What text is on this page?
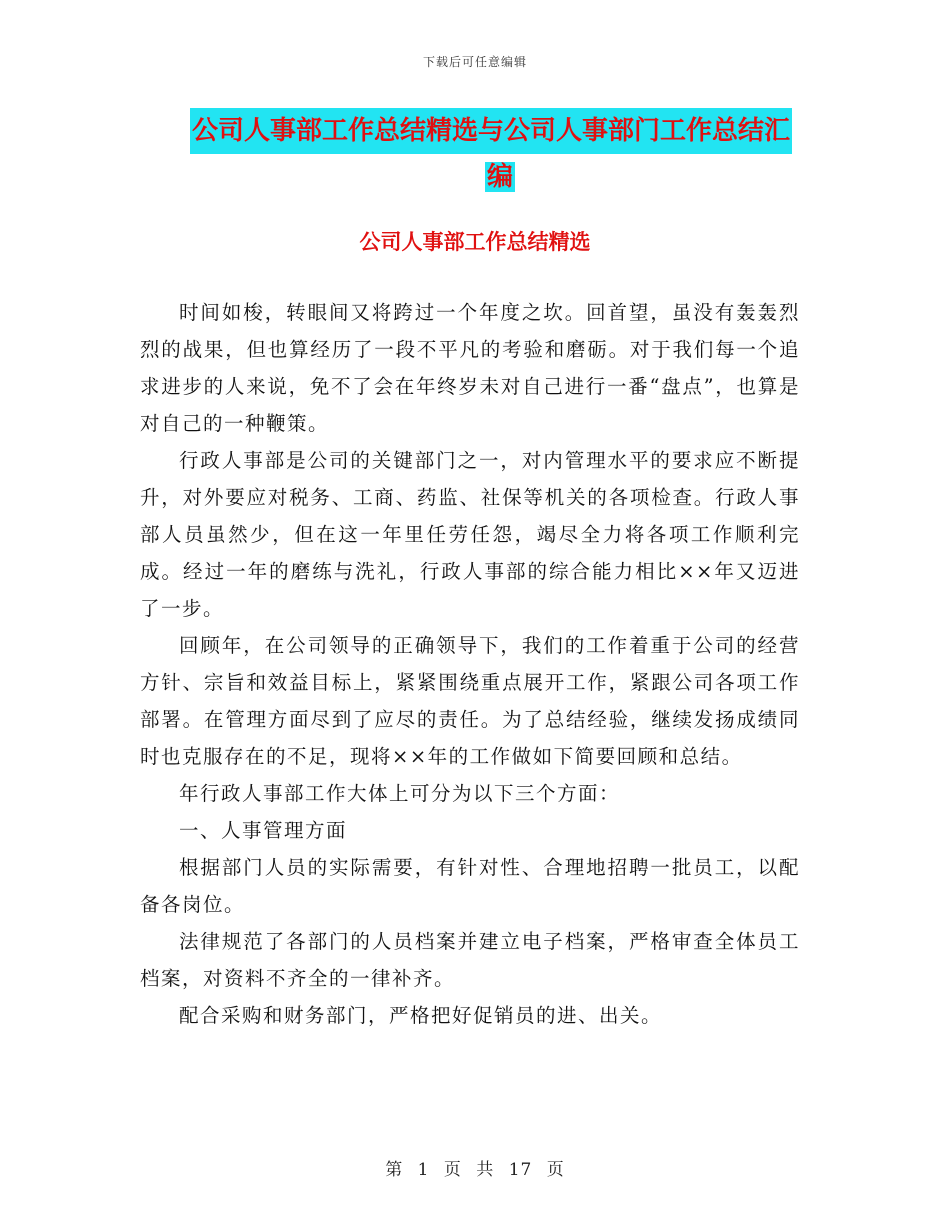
下载后可任意编辑
公司人事部工作总结精选与公司人事部门工作总结汇
编
公司人事部工作总结精选

时间如梭，转眼间又将跨过一个年度之坎。回首望，虽没有轰轰烈烈的战果，但也算经历了一段不平凡的考验和磨砺。对于我们每一个追求进步的人来说，免不了会在年终岁未对自己进行一番“盘点”，也算是对自己的一种鞭策。

行政人事部是公司的关键部门之一，对内管理水平的要求应不断提升，对外要应对税务、工商、药监、社保等机关的各项检查。行政人事部人员虽然少，但在这一年里任劳任怨，竭尽全力将各项工作顺利完成。经过一年的磨练与洗礼，行政人事部的综合能力相比××年又迈进了一步。

回顾年，在公司领导的正确领导下，我们的工作着重于公司的经营方针、宗旨和效益目标上，紧紧围绕重点展开工作，紧跟公司各项工作部署。在管理方面尽到了应尽的责任。为了总结经验，继续发扬成绩同时也克服存在的不足，现将××年的工作做如下简要回顾和总结。

年行政人事部工作大体上可分为以下三个方面：

一、人事管理方面

根据部门人员的实际需要，有针对性、合理地招聘一批员工，以配备各岗位。

法律规范了各部门的人员档案并建立电子档案，严格审查全体员工档案，对资料不齐全的一律补齐。

配合采购和财务部门，严格把好促销员的进、出关。

第 1 页 共 17 页
